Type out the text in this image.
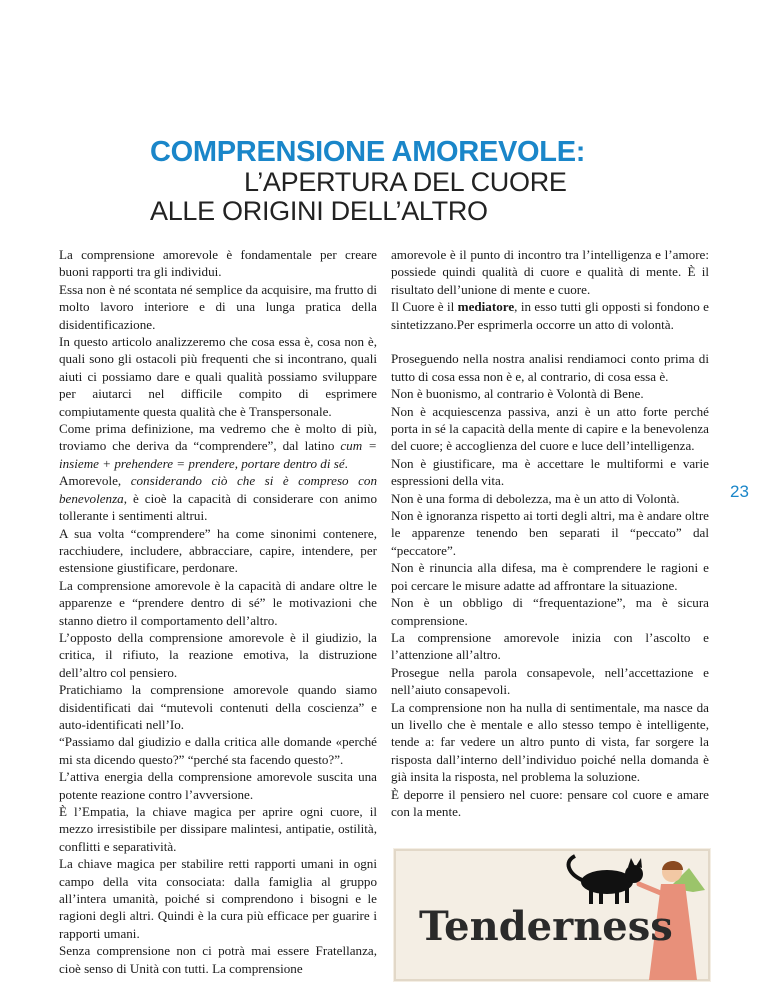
COMPRENSIONE AMOREVOLE:

L’APERTURA DEL CUORE

ALLE ORIGINI DELL’ALTRO

La comprensione amorevole è fondamentale per creare buoni rapporti tra gli individui.

Essa non è né scontata né semplice da acquisire, ma frutto di molto lavoro interiore e di una lunga pratica della disidentificazione.

In questo articolo analizzeremo che cosa essa è, cosa non è, quali sono gli ostacoli più frequenti che si incontrano, quali aiuti ci possiamo dare e quali qualità possiamo sviluppare per aiutarci nel difficile compito di esprimere compiutamente questa qualità che è Transpersonale.

Come prima definizione, ma vedremo che è molto di più, troviamo che deriva da “comprendere”, dal latino cum = insieme + prehendere = prendere, portare dentro di sé.

Amorevole, considerando ciò che si è compreso con benevolenza, è cioè la capacità di considerare con animo tollerante i sentimenti altrui.

A sua volta “comprendere” ha come sinonimi contenere, racchiudere, includere, abbracciare, capire, intendere, per estensione giustificare, perdonare.

La comprensione amorevole è la capacità di andare oltre le apparenze e “prendere dentro di sé” le motivazioni che stanno dietro il comportamento dell’altro.

L’opposto della comprensione amorevole è il giudizio, la critica, il rifiuto, la reazione emotiva, la distruzione dell’altro col pensiero.

Pratichiamo la comprensione amorevole quando siamo disidentificati dai “mutevoli contenuti della coscienza” e auto-identificati nell’Io.

“Passiamo dal giudizio e dalla critica alle domande «perché mi sta dicendo questo?” “perché sta facendo questo?”.

L’attiva energia della comprensione amorevole suscita una potente reazione contro l’avversione.

È l’Empatia, la chiave magica per aprire ogni cuore, il mezzo irresistibile per dissipare malintesi, antipatie, ostilità, conflitti e separatività.

La chiave magica per stabilire retti rapporti umani in ogni campo della vita consociata: dalla famiglia al gruppo all’intera umanità, poiché si comprendono i bisogni e le ragioni degli altri. Quindi è la cura più efficace per guarire i rapporti umani.

Senza comprensione non ci potrà mai essere Fratellanza, cioè senso di Unità con tutti. La comprensione

amorevole è il punto di incontro tra l’intelligenza e l’amore: possiede quindi qualità di cuore e qualità di mente. È il risultato dell’unione di mente e cuore.

Il Cuore è il mediatore, in esso tutti gli opposti si fondono e sintetizzano.Per esprimerla occorre un atto di volontà.

Proseguendo nella nostra analisi rendiamoci conto prima di tutto di cosa essa non è e, al contrario, di cosa essa è.

Non è buonismo, al contrario è Volontà di Bene.

Non è acquiescenza passiva, anzi è un atto forte perché porta in sé la capacità della mente di capire e la benevolenza del cuore; è accoglienza del cuore e luce dell’intelligenza.

Non è giustificare, ma è accettare le multiformi e varie espressioni della vita.

Non è una forma di debolezza, ma è un atto di Volontà.

Non è ignoranza rispetto ai torti degli altri, ma è andare oltre le apparenze tenendo ben separati il “peccato” dal “peccatore”.

Non è rinuncia alla difesa, ma è comprendere le ragioni e poi cercare le misure adatte ad affrontare la situazione.

Non è un obbligo di “frequentazione”, ma è sicura comprensione.

La comprensione amorevole inizia con l’ascolto e l’attenzione all’altro.

Prosegue nella parola consapevole, nell’accettazione e nell’aiuto consapevoli.

La comprensione non ha nulla di sentimentale, ma nasce da un livello che è mentale e allo stesso tempo è intelligente, tende a: far vedere un altro punto di vista, far sorgere la risposta dall’interno dell’individuo poiché nella domanda è già insita la risposta, nel problema la soluzione.

È deporre il pensiero nel cuore: pensare col cuore e amare con la mente.

23
Tenderness
